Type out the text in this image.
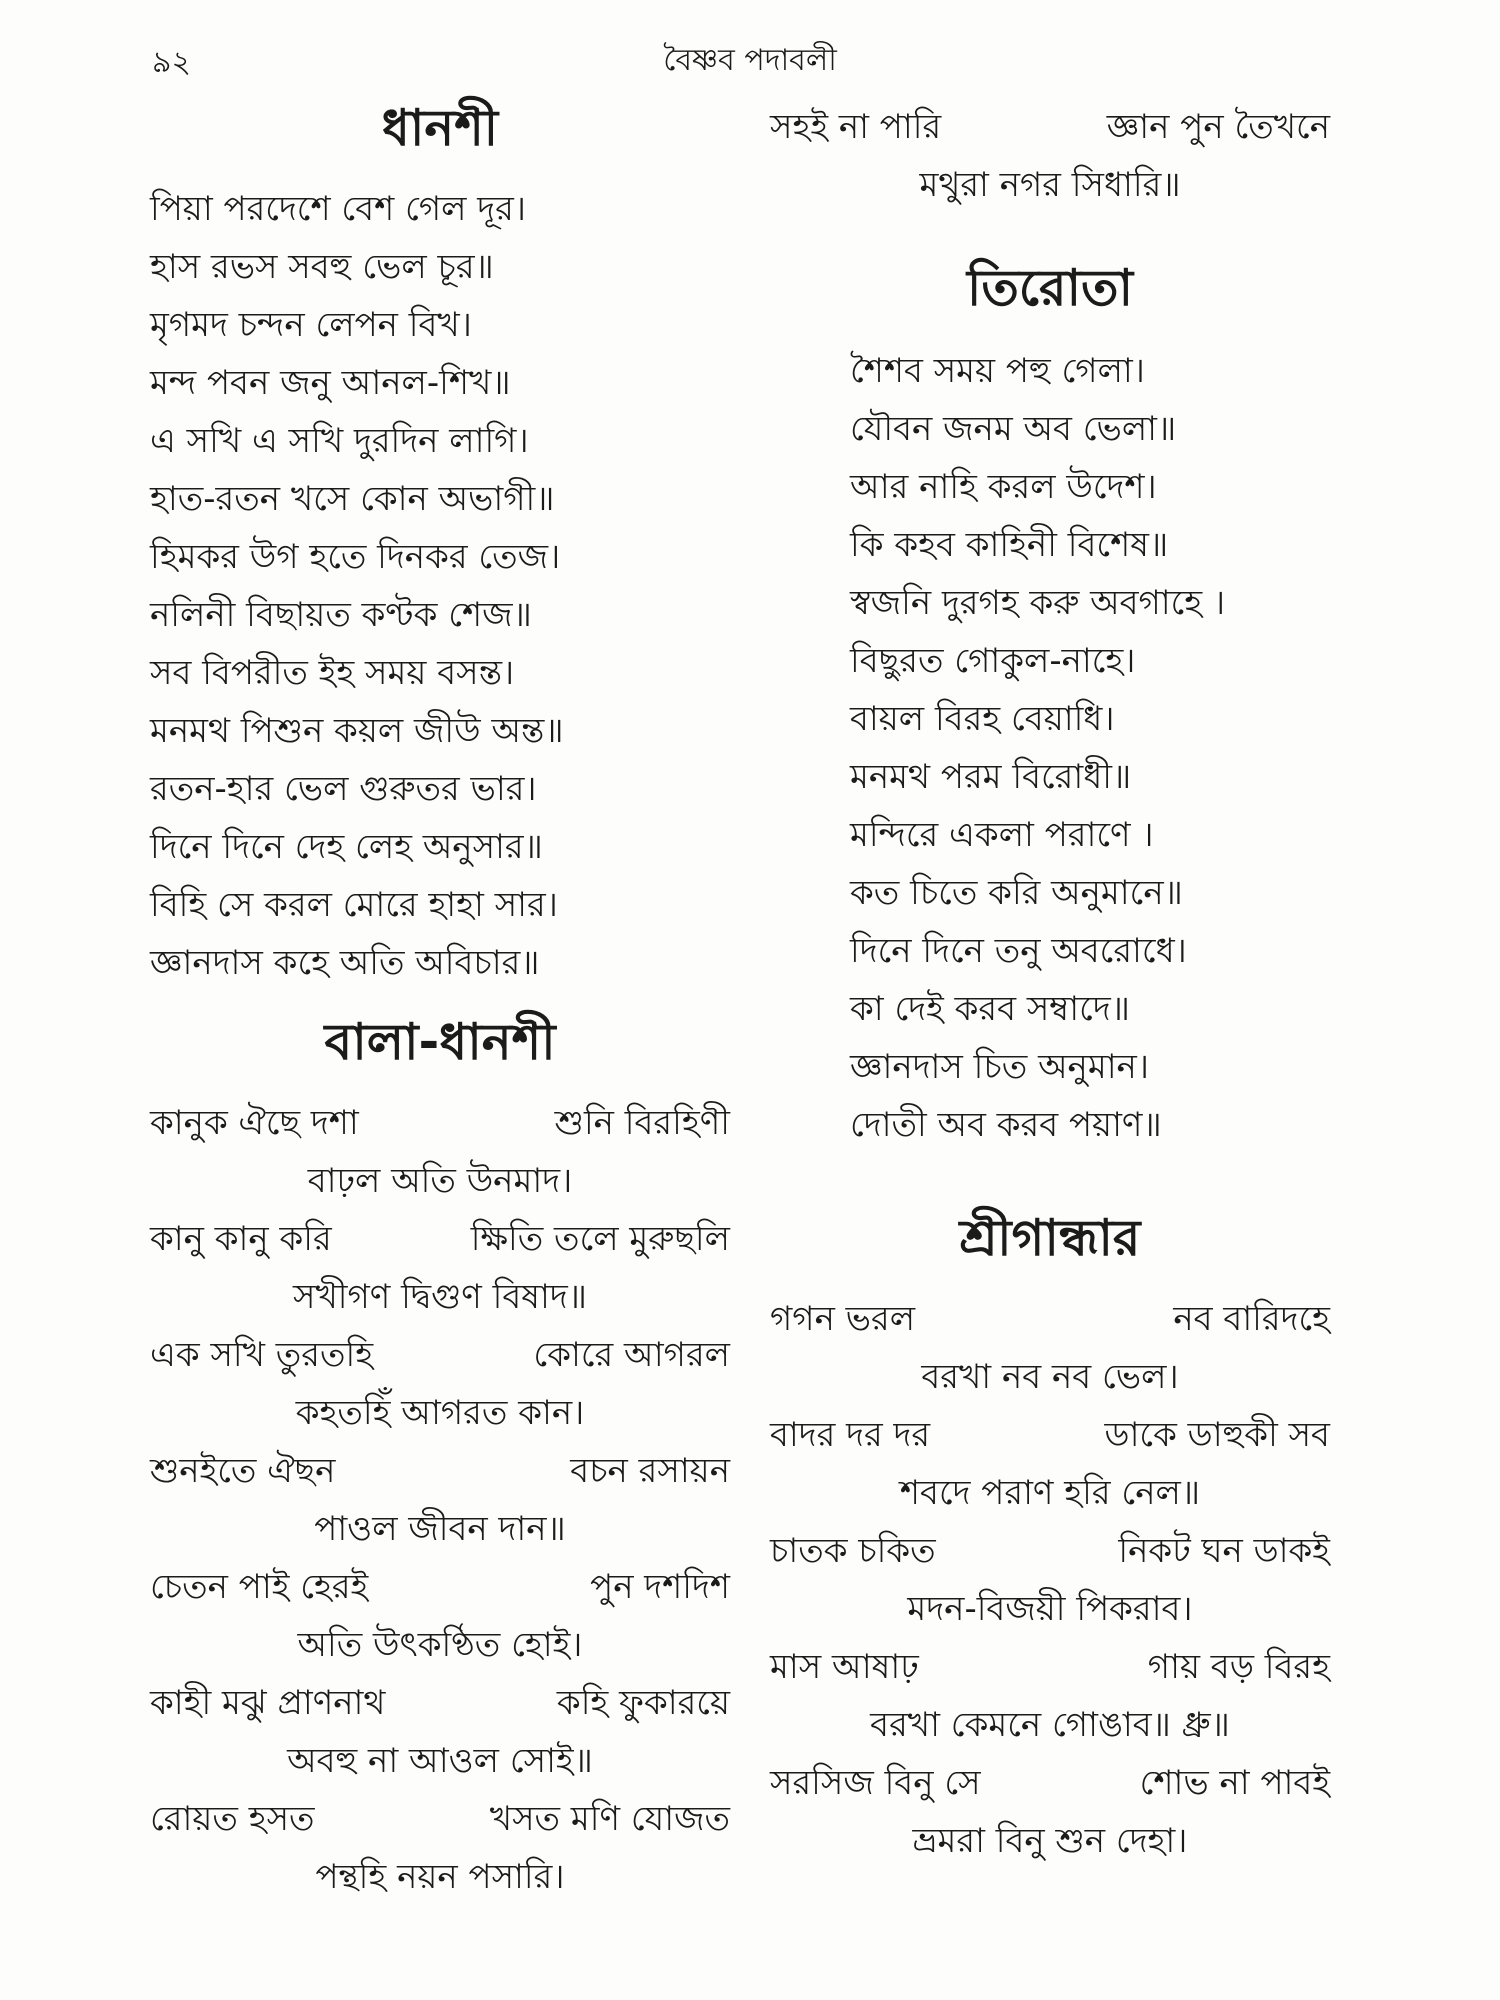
৯২	বৈষ্ণব পদাবলী
ধানশী
পিয়া পরদেশে বেশ গেল দূর।
হাস রভস সবহু ভেল চূর॥
মৃগমদ চন্দন লেপন বিখ।
মন্দ পবন জনু আনল-শিখ॥
এ সখি এ সখি দুরদিন লাগি।
হাত-রতন খসে কোন অভাগী॥
হিমকর উগ হতে দিনকর তেজ।
নলিনী বিছায়ত কণ্টক শেজ॥
সব বিপরীত ইহ সময় বসন্ত।
মনমথ পিশুন কয়ল জীউ অন্ত॥
রতন-হার ভেল গুরুতর ভার।
দিনে দিনে দেহ লেহ অনুসার॥
বিহি সে করল মোরে হাহা সার।
জ্ঞানদাস কহে অতি অবিচার॥
বালা-ধানশী
কানুক ঐছে দশা	শুনি বিরহিণী
বাঢ়ল অতি উনমাদ।
কানু কানু করি	ক্ষিতি তলে মুরুছলি
সখীগণ দ্বিগুণ বিষাদ॥
এক সখি তুরতহি	কোরে আগরল
কহতহিঁ আগরত কান।
শুনইতে ঐছন	বচন রসায়ন
পাওল জীবন দান॥
চেতন পাই হেরই	পুন দশদিশ
অতি উৎকণ্ঠিত হোই।
কাহী মঝু প্রাণনাথ	কহি ফুকারয়ে
অবহু না আওল সোই॥
রোয়ত হসত	খসত মণি যোজত
পন্থহি নয়ন পসারি।
সহই না পারি	জ্ঞান পুন তৈখনে
মথুরা নগর সিধারি॥
তিরোতা
শৈশব সময় পহু গেলা।
যৌবন জনম অব ভেলা॥
আর নাহি করল উদেশ।
কি কহব কাহিনী বিশেষ॥
স্বজনি দুরগহ করু অবগাহে ।
বিছুরত গোকুল-নাহে।
বায়ল বিরহ বেয়াধি।
মনমথ পরম বিরোধী॥
মন্দিরে একলা পরাণে ।
কত চিতে করি অনুমানে॥
দিনে দিনে তনু অবরোধে।
কা দেই করব সম্বাদে॥
জ্ঞানদাস চিত অনুমান।
দোতী অব করব পয়াণ॥
শ্রীগান্ধার
গগন ভরল	নব বারিদহে
বরখা নব নব ভেল।
বাদর দর দর	ডাকে ডাহুকী সব
শবদে পরাণ হরি নেল॥
চাতক চকিত	নিকট ঘন ডাকই
মদন-বিজয়ী পিকরাব।
মাস আষাঢ়	গায় বড় বিরহ
বরখা কেমনে গোঙাব॥ ধ্রু॥
সরসিজ বিনু সে	শোভ না পাবই
ভ্রমরা বিনু শুন দেহা।
